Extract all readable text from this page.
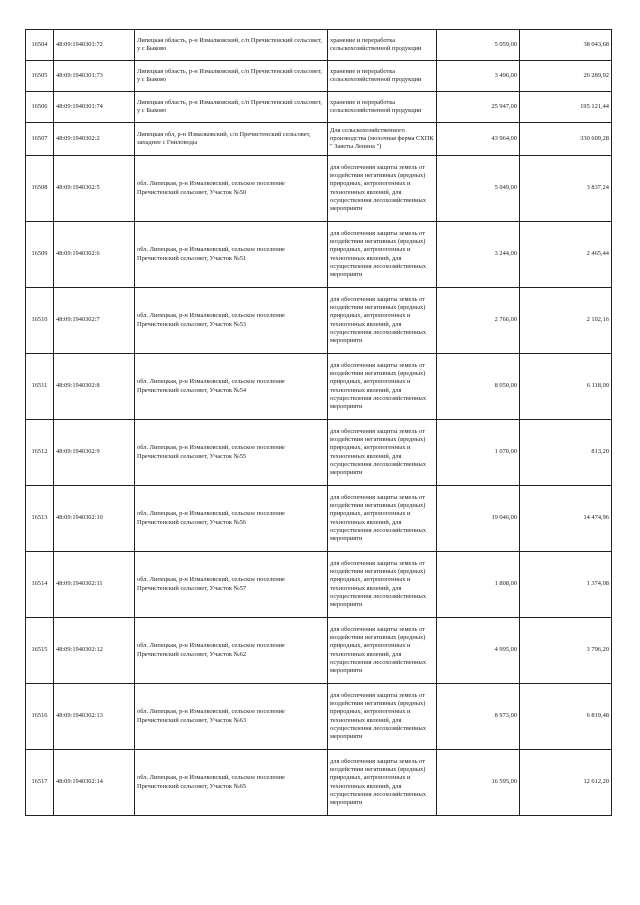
16504	48:09:1940301:72	Липецкая область, р-н Измалковский, с/п Пречистенский сельсовет, у с Быково	хранение и переработка сельскохозяйственной продукции	5 059,00	38 043,68
16505	48:09:1940301:73	Липецкая область, р-н Измалковский, с/п Пречистенский сельсовет, у с Быково	хранение и переработка сельскохозяйственной продукции	3 496,00	26 289,92
16506	48:09:1940301:74	Липецкая область, р-н Измалковский, с/п Пречистенский сельсовет, у с Быково	хранение и переработка сельскохозяйственной продукции	25 947,00	195 121,44
16507	48:09:1940302:2	Липецкая обл, р-н Измалковский, с/п Пречистенский сельсовет, западнее с Гниловоды	Для сельскохозяйственного производства (молочная ферма СХПК " Заветы Ленина ")	43 964,00	330 609,28
16508	48:09:1940302:5	обл. Липецкая, р-н Измалковский, сельское поселение Пречистенский сельсовет, Участок №50	для обеспечения защиты земель от воздействия негативных (вредных) природных, антропогенных и техногенных явлений, для осуществления лесохозяйственных мероприяти	5 049,00	3 837,24
16509	48:09:1940302:6	обл. Липецкая, р-н Измалковский, сельское поселение Пречистенский сельсовет, Участок №51	для обеспечения защиты земель от воздействия негативных (вредных) природных, антропогенных и техногенных явлений, для осуществления лесохозяйственных мероприяти	3 244,00	2 465,44
16510	48:09:1940302:7	обл. Липецкая, р-н Измалковский, сельское поселение Пречистенский сельсовет, Участок №53	для обеспечения защиты земель от воздействия негативных (вредных) природных, антропогенных и техногенных явлений, для осуществления лесохозяйственных мероприяти	2 766,00	2 102,16
16511	48:09:1940302:8	обл. Липецкая, р-н Измалковский, сельское поселение Пречистенский сельсовет, Участок №54	для обеспечения защиты земель от воздействия негативных (вредных) природных, антропогенных и техногенных явлений, для осуществления лесохозяйственных мероприяти	8 050,00	6 118,00
16512	48:09:1940302:9	обл. Липецкая, р-н Измалковский, сельское поселение Пречистенский сельсовет, Участок №55	для обеспечения защиты земель от воздействия негативных (вредных) природных, антропогенных и техногенных явлений, для осуществления лесохозяйственных мероприяти	1 070,00	813,20
16513	48:09:1940302:10	обл. Липецкая, р-н Измалковский, сельское поселение Пречистенский сельсовет, Участок №56	для обеспечения защиты земель от воздействия негативных (вредных) природных, антропогенных и техногенных явлений, для осуществления лесохозяйственных мероприяти	19 046,00	14 474,96
16514	48:09:1940302:11	обл. Липецкая, р-н Измалковский, сельское поселение Пречистенский сельсовет, Участок №57	для обеспечения защиты земель от воздействия негативных (вредных) природных, антропогенных и техногенных явлений, для осуществления лесохозяйственных мероприяти	1 808,00	1 374,08
16515	48:09:1940302:12	обл. Липецкая, р-н Измалковский, сельское поселение Пречистенский сельсовет, Участок №62	для обеспечения защиты земель от воздействия негативных (вредных) природных, антропогенных и техногенных явлений, для осуществления лесохозяйственных мероприяти	4 995,00	3 796,20
16516	48:09:1940302:13	обл. Липецкая, р-н Измалковский, сельское поселение Пречистенский сельсовет, Участок №63	для обеспечения защиты земель от воздействия негативных (вредных) природных, антропогенных и техногенных явлений, для осуществления лесохозяйственных мероприяти	8 973,00	6 819,48
16517	48:09:1940302:14	обл. Липецкая, р-н Измалковский, сельское поселение Пречистенский сельсовет, Участок №65	для обеспечения защиты земель от воздействия негативных (вредных) природных, антропогенных и техногенных явлений, для осуществления лесохозяйственных мероприяти	16 595,00	12 612,20
